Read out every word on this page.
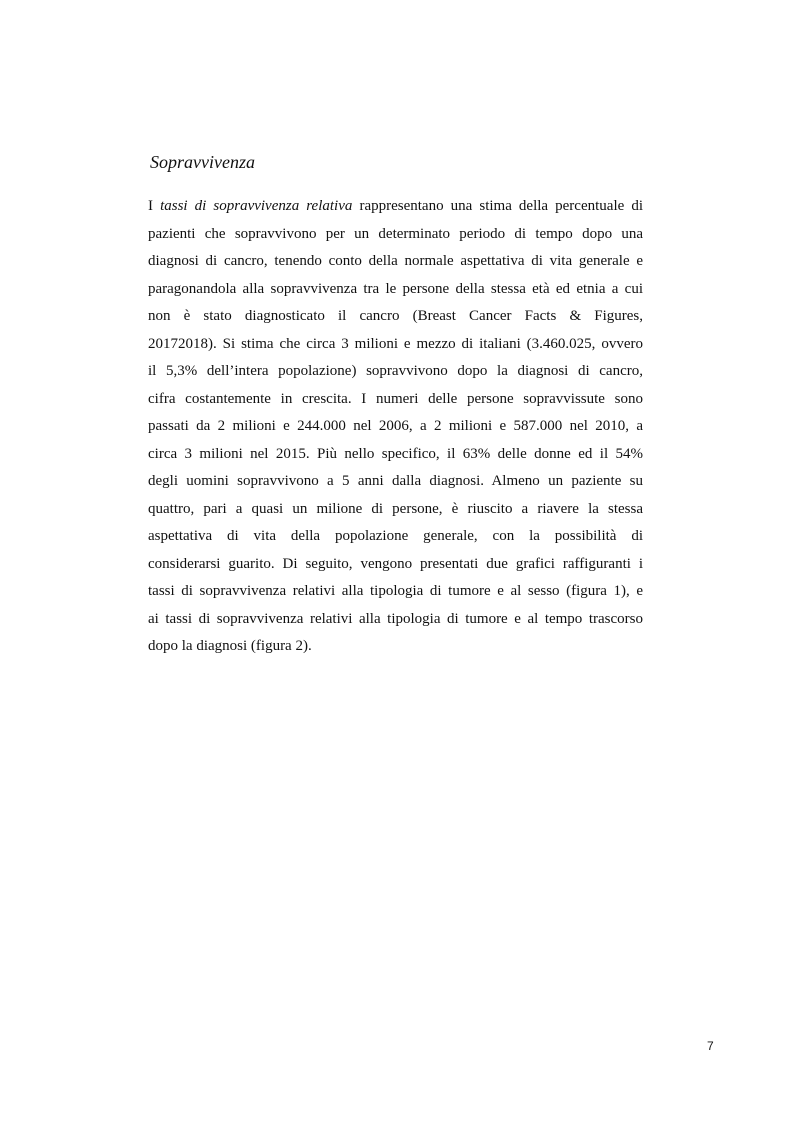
Sopravvivenza
I tassi di sopravvivenza relativa rappresentano una stima della percentuale di
pazienti che sopravvivono per un determinato periodo di tempo dopo una
diagnosi di cancro, tenendo conto della normale aspettativa di vita generale e
paragonandola alla sopravvivenza tra le persone della stessa età ed etnia a cui
non è stato diagnosticato il cancro (Breast Cancer Facts & Figures,
20172018). Si stima che circa 3 milioni e mezzo di italiani (3.460.025, ovvero
il 5,3% dell’intera popolazione) sopravvivono dopo la diagnosi di cancro,
cifra costantemente in crescita. I numeri delle persone sopravvissute sono
passati da 2 milioni e 244.000 nel 2006, a 2 milioni e 587.000 nel 2010, a
circa 3 milioni nel 2015. Più nello specifico, il 63% delle donne ed il 54%
degli uomini sopravvivono a 5 anni dalla diagnosi. Almeno un paziente su
quattro, pari a quasi un milione di persone, è riuscito a riavere la stessa
aspettativa di vita della popolazione generale, con la possibilità di
considerarsi guarito. Di seguito, vengono presentati due grafici raffiguranti i
tassi di sopravvivenza relativi alla tipologia di tumore e al sesso (figura 1), e
ai tassi di sopravvivenza relativi alla tipologia di tumore e al tempo trascorso
dopo la diagnosi (figura 2).
7
